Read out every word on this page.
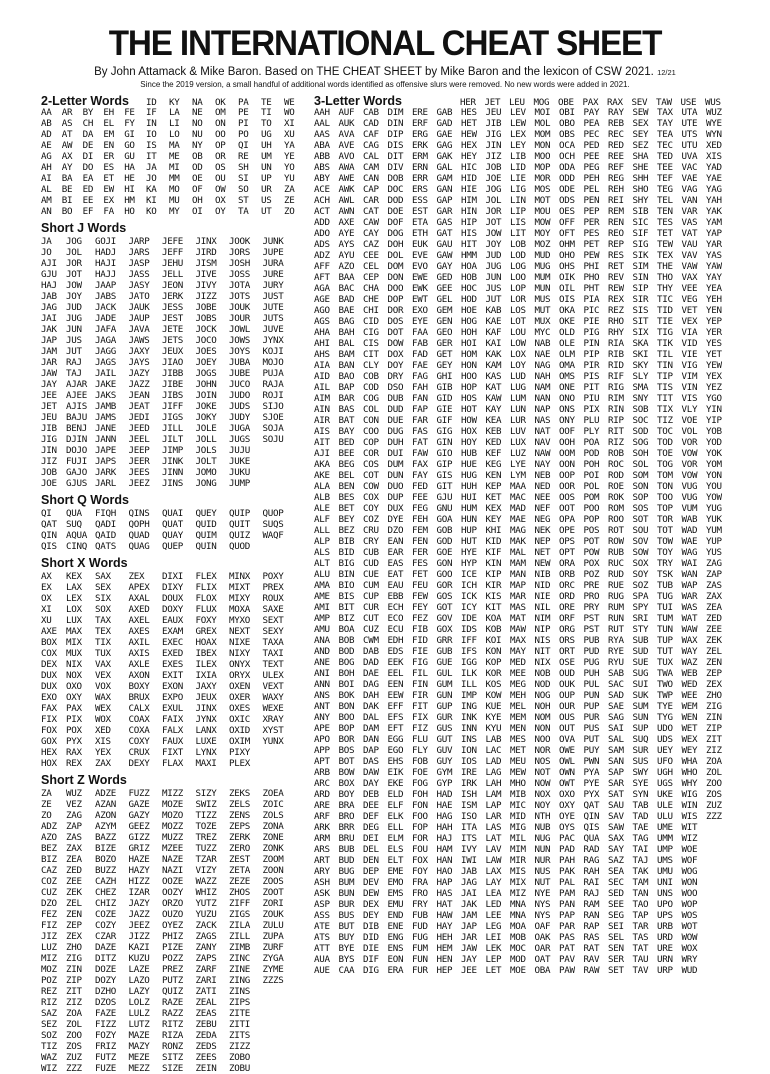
THE INTERNATIONAL CHEAT SHEET
By John Attamack & Mike Baron. Based on THE CHEAT SHEET by Mike Baron and the lexicon of CSW 2021. 12/21
Since the 2019 version, a small handful of additional words identified as offensive slurs were removed. No new words were added in 2021.
2-Letter Words	ID	KY	NA	OK	PA	TE	WE
AA	AR	BY	EH	FE	IF	LA	NE	OM	PE	TI	WO
AB	AS	CH	EL	FY	IN	LI	NO	ON	PI	TO	XI
AD	AT	DA	EM	GI	IO	LO	NU	OO	PO	UG	XU
AE	AW	DE	EN	GO	IS	MA	NY	OP	QI	UH	YA
AG	AX	DI	ER	GU	IT	ME	OB	OR	RE	UM	YE
AH	AY	DO	ES	HA	JA	MI	OD	OS	SH	UN	YO
AI	BA	EA	ET	HE	JO	MM	OE	OU	SI	UP	YU
AL	BE	ED	EW	HI	KA	MO	OF	OW	SO	UR	ZA
AM	BI	EE	EX	HM	KI	MU	OH	OX	ST	US	ZE
AN	BO	EF	FA	HO	KO	MY	OI	OY	TA	UT	ZO
Short J Words
JA	JOG	GOJI	JARP	JEFE	JINX	JOOK	JUNK
JO	JOL	HADJ	JARS	JEFF	JIRD	JORS	JUPE
AJI	JOR	HAJI	JASP	JEHU	JISM	JOSH	JURA
GJU	JOT	HAJJ	JASS	JELL	JIVE	JOSS	JURE
HAJ	JOW	JAAP	JASY	JEON	JIVY	JOTA	JURY
JAB	JOY	JABS	JATO	JERK	JIZZ	JOTS	JUST
JAG	JUD	JACK	JAUK	JESS	JOBE	JOUK	JUTE
JAI	JUG	JADE	JAUP	JEST	JOBS	JOUR	JUTS
JAK	JUN	JAFA	JAVA	JETE	JOCK	JOWL	JUVE
JAP	JUS	JAGA	JAWS	JETS	JOCO	JOWS	JYNX
JAM	JUT	JAGG	JAXY	JEUX	JOES	JOYS	KOJI
JAR	RAJ	JAGS	JAYS	JIAO	JOEY	JUBA	MOJO
JAW	TAJ	JAIL	JAZY	JIBB	JOGS	JUBE	PUJA
JAY	AJAR JAKE	JAZZ	JIBE	JOHN	JUCO	RAJA
JEE	AJEE JAKS	JEAN	JIBS	JOIN	JUDO	ROJI
JET	AJIS JAMB	JEAT	JIFF	JOKE	JUDS	SIJO
JEU	BAJU JAMS	JEDI	JIGS	JOKY	JUDY	SJOE
JIB	BENJ JANE	JEED	JILL	JOLE	JUGA	SOJA
JIG	DJIN JANN	JEEL	JILT	JOLL	JUGS	SOJU
JIN	DOJO JAPE	JEEP	JIMP	JOLS	JUJU
JIZ	FUJI JAPS	JEER	JINK	JOLT	JUKE
JOB	GAJO JARK	JEES	JINN	JOMO	JUKU
JOE	GJUS JARL	JEEZ	JINS	JONG	JUMP
Short Q Words
QI	QUA	FIQH	QINS	QUAI	QUEY	QUIP	QUOP
QAT	SUQ	QADI	QOPH	QUAT	QUID	QUIT	SUQS
QIN	AQUA QAID	QUAD	QUAY	QUIM	QUIZ	WAQF
QIS	CINQ QATS	QUAG	QUEP	QUIN	QUOD
Short X Words
AX	KEX	SAX	ZEX	DIXI	FLEX	MINX	POXY
EX	LAX	SEX	APEX	DIXY	FLIX	MIXT	PREX
OX	LEX	SIX	AXAL	DOUX	FLOX	MIXY	ROUX
XI	LOX	SOX	AXED	DOXY	FLUX	MOXA	SAXE
XU	LUX	TAX	AXEL	EAUX	FOXY	MYXO	SEXT
AXE	MAX	TEX	AXES	EXAM	GREX	NEXT	SEXY
BOX	MIX	TIX	AXIL	EXEC	HOAX	NIXE	TAXA
COX	MUX	TUX	AXIS	EXED	IBEX	NIXY	TAXI
DEX	NIX	VAX	AXLE	EXES	ILEX	ONYX	TEXT
DUX	NOX	VEX	AXON	EXIT	IXIA	ORYX	ULEX
DUX	OXO	VOX	BOXY	EXON	JAXY	OXEN	VEXT
EXO	OXY	WAX	BRUX	EXPO	JEUX	OXER	WAXY
FAX	PAX	WEX	CALX	EXUL	JINX	OXES	WEXE
FIX	PIX	WOX	COAX	FAIX	JYNX	OXIC	XRAY
FOX	POX	XED	COXA	FALX	LANX	OXID	XYST
GOX	PYX	XIS	COXY	FAUX	LUXE	OXIM	YUNX
HEX	RAX	YEX	CRUX	FIXT	LYNX	PIXY
HOX	REX	ZAX	DEXY	FLAX	MAXI	PLEX
Short Z Words
ZA	WUZ	ADZE	FUZZ	MIZZ	SIZY	ZEKS	ZOEA
ZE	VEZ	AZAN	GAZE	MOZE	SWIZ	ZELS	ZOIC
ZO	ZAG	AZON	GAZY	MOZO	TIZZ	ZENS	ZOLS
ADZ	ZAP	AZYM	GEEZ	MOZZ	TOZE	ZEPS	ZONA
AZO	ZAS	BAZZ	GIZZ	MUZZ	TREZ	ZERK	ZONE
BEZ	ZAX	BIZE	GRIZ	MZEE	TUZZ	ZERO	ZONK
BIZ	ZEA	BOZO	HAZE	NAZE	TZAR	ZEST	ZOOM
CAZ	ZED	BUZZ	HAZY	NAZI	VIZY	ZETA	ZOON
COZ	ZEE	CAZH	HIZZ	OOZE	WAZZ	ZEZE	ZOOS
CUZ	ZEK	CHEZ	IZAR	OOZY	WHIZ	ZHOS	ZOOT
DZO	ZEL	CHIZ	JAZY	ORZO	YUTZ	ZIFF	ZORI
FEZ	ZEN	COZE	JAZZ	OUZO	YUZU	ZIGS	ZOUK
FIZ	ZEP	COZY	JEEZ	OYEZ	ZACK	ZILA	ZULU
JIZ	ZEX	CZAR	JIZZ	PHIZ	ZAGS	ZILL	ZUPA
LUZ	ZHO	DAZE	KAZI	PIZE	ZANY	ZIMB	ZURF
MIZ	ZIG	DITZ	KUZU	POZZ	ZAPS	ZINC	ZYGA
MOZ	ZIN	DOZE	LAZE	PREZ	ZARF	ZINE	ZYME
POZ	ZIP	DOZY	LAZO	PUTZ	ZARI	ZING	ZZZS
REZ	ZIT	DZHO	LAZY	QUIZ	ZATI	ZINS
RIZ	ZIZ	DZOS	LOLZ	RAZE	ZEAL	ZIPS
SAZ	ZOA	FAZE	LULZ	RAZZ	ZEAS	ZITE
SEZ	ZOL	FIZZ	LUTZ	RITZ	ZEBU	ZITI
SOZ	ZOO	FOZY	MAZE	RIZA	ZEDA	ZITS
TIZ	ZOS	FRIZ	MAZY	RONZ	ZEDS	ZIZZ
WAZ	ZUZ	FUTZ	MEZE	SITZ	ZEES	ZOBO
WIZ	ZZZ	FUZE	MEZZ	SIZE	ZEIN	ZOBU
3-Letter Words	HER JET LEU MOG OBE PAX RAX SEV TAW USE WUS
AAH AUF CAB DIM ERE GAB HES JEU LEV MOI OBI PAY RAY SEW TAX UTA WUZ
AAL AUK CAD DIN ERF GAD HET JIB LEW MOL OBO PEA REB SEX TAY UTE WYE
AAS AVA CAF DIP ERG GAE HEW JIG LEX MOM OBS PEC REC SEY TEA UTS WYN
ABA AVE CAG DIS ERK GAG HEX JIN LEY MON OCA PED RED SEZ TEC UTU XED
ABB AVO CAL DIT ERM GAK HEY JIZ LIB MOO OCH PEE REE SHA TED UVA XIS
ABS AWA CAM DIV ERN GAL HIC JOB LID MOP ODA PEG REF SHE TEE VAC YAD
ABY AWE CAN DOB ERR GAM HID JOE LIE MOR ODD PEH REG SHH TEF VAE YAE
ACE AWK CAP DOC ERS GAN HIE JOG LIG MOS ODE PEL REH SHO TEG VAG YAG
ACH AWL CAR DOD ESS GAP HIM JOL LIN MOT ODS PEN REI SHY TEL VAN YAH
ACT AWN CAT DOE EST GAR HIN JOR LIP MOU OES PEP REM SIB TEN VAR YAK
ADD AXE CAW DOF ETA GAS HIP JOT LIS MOW OFF PER REN SIC TES VAS YAM
ADO AYE CAY DOG ETH GAT HIS JOW LIT MOY OFT PES REO SIF TET VAT YAP
ADS AYS CAZ DOH EUK GAU HIT JOY LOB MOZ OHM PET REP SIG TEW VAU YAR
ADZ AYU CEE DOL EVE GAW HMM JUD LOD MUD OHO PEW RES SIK TEX VAV YAS
AFF AZO CEL DOM EVO GAY HOA JUG LOG MUG OHS PHI RET SIM THE VAW YAW
AFT BAA CEP DON EWE GED HOB JUN LOO MUM OIK PHO REV SIN THO VAX YAY
AGA BAC CHA DOO EWK GEE HOC JUS LOP MUN OIL PHT REW SIP THY VEE YEA
AGE BAD CHE DOP EWT GEL HOD JUT LOR MUS OIS PIA REX SIR TIC VEG YEH
AGO BAE CHI DOR EXO GEM HOE KAB LOS MUT OKA PIC REZ SIS TID VET YEN
AGS BAG CID DOS EYE GEN HOG KAE LOT MUX OKE PIE RHO SIT TIE VEX YEP
AHA BAH CIG DOT FAA GEO HOH KAF LOU MYC OLD PIG RHY SIX TIG VIA YER
AHI BAL CIS DOW FAB GER HOI KAI LOW NAB OLE PIN RIA SKA TIK VID YES
AHS BAM CIT DOX FAD GET HOM KAK LOX NAE OLM PIP RIB SKI TIL VIE YET
AIA BAN CLY DOY FAE GEY HON KAM LOY NAG OMA PIR RID SKY TIN VIG YEW
AID BAO COB DRY FAG GHI HOO KAS LUD NAH OMS PIS RIF SLY TIP VIM YEX
AIL BAP COD DSO FAH GIB HOP KAT LUG NAM ONE PIT RIG SMA TIS VIN YEZ
AIM BAR COG DUB FAN GID HOS KAW LUM NAN ONO PIU RIM SNY TIT VIS YGO
AIN BAS COL DUD FAP GIE HOT KAY LUN NAP ONS PIX RIN SOB TIX VLY YIN
AIR BAT CON DUE FAR GIF HOW KEA LUR NAS ONY PLU RIP SOC TIZ VOE YIP
AIS BAY COO DUG FAS GIG HOX KEB LUV NAT OOF PLY RIT SOD TOC VOL YOB
AIT BED COP DUH FAT GIN HOY KED LUX NAV OOH POA RIZ SOG TOD VOR YOD
AJI BEE COR DUI FAW GIO HUB KEF LUZ NAW OOM POD ROB SOH TOE VOW YOK
AKA BEG COS DUM FAX GIP HUE KEG LYE NAY OON POH ROC SOL TOG VOR YOM
AKE BEL COT DUN FAY GIS HUG KEN LYM NEB OOP POI ROD SOM TOM VOW YON
ALA BEN COW DUO FED GIT HUH KEP MAA NED OOR POL ROE SON TON VUG YOU
ALB BES COX DUP FEE GJU HUI KET MAC NEE OOS POM ROK SOP TOO VUG YOW
ALE BET COY DUX FEG GNU HUM KEX MAD NEF OOT POO ROM SOS TOP VUM YUG
ALF BEY COZ DYE FEH GOA HUN KEY MAE NEG OPA POP ROO SOT TOR WAB YUK
ALL BEZ CRU DZO FEM GOB HUP KHI MAG NEK OPE POS ROT SOU TOT WAD YUM
ALP BIB CRY EAN FEN GOD HUT KID MAK NEP OPS POT ROW SOV TOW WAE YUP
ALS BID CUB EAR FER GOE HYE KIF MAL NET OPT POW RUB SOW TOY WAG YUS
ALT BIG CUD EAS FES GON HYP KIN MAM NEW ORA POX RUC SOX TRY WAI ZAG
ALU BIN CUE EAT FET GOO ICE KIP MAN NIB ORB POZ RUD SOY TSK WAN ZAP
AMA BIO CUM EAU FEU GOR ICH KIR MAP NID ORC PRE RUE SOZ TUB WAP ZAS
AME BIS CUP EBB FEW GOS ICK KIS MAR NIE ORD PRO RUG SPA TUG WAR ZAX
AMI BIT CUR ECH FEY GOT ICY KIT MAS NIL ORE PRY RUM SPY TUI WAS ZEA
AMP BIZ CUT ECO FEZ GOV IDE KOA MAT NIM ORF PST RUN SRI TUM WAT ZED
AMU BOA CUZ ECU FIB GOX IDS KOB MAW NIP ORG PST RUT STY TUN WAW ZEE
ANA BOB CWM EDH FID GRR IFF KOI MAX NIS ORS PUB RYA SUB TUP WAX ZEK
AND BOD DAB EDS FIE GUB IFS KON MAY NIT ORT PUD RYE SUD TUT WAY ZEL
ANE BOG DAD EEK FIG GUE IGG KOP MED NIX OSE PUG RYU SUE TUX WAZ ZEN
ANI BOH DAE EEL FIL GUL ILK KOR MEE NOB OUD PUH SAB SUG TWA WEB ZEP
ANN BOI DAG EEN FIN GUM ILL KOS MEG NOD OUK PUL SAC SUI TWO WED ZEX
ANS BOK DAH EEW FIR GUN IMP KOW MEH NOG OUP PUN SAD SUK TWP WEE ZHO
ANT BON DAK EFF FIT GUP ING KUE MEL NOH OUR PUP SAE SUM TYE WEM ZIG
ANY BOO DAL EFS FIX GUR INK KYE MEM NOM OUS PUR SAG SUN TYG WEN ZIN
APE BOP DAM EFT FIZ GUS INN KYU MEN NON OUT PUS SAI SUP UDO WET ZIP
APO BOR DAN EGG FLU GUT INS LAB MES NOO OVA PUT SAL SUQ UDS WEX ZIT
APP BOS DAP EGO FLY GUV ION LAC MET NOR OWE PUY SAM SUR UEY WEY ZIZ
APT BOT DAS EHS FOB GUY IOS LAD MEU NOS OWL PWN SAN SUS UFO WHA ZOA
ARB BOW DAW EIK FOE GYM IRE LAG MEW NOT OWN PYA SAP SWY UGH WHO ZOL
ARC BOX DAY EKE FOG GYP IRK LAH MHO NOW OWT PYE SAR SYE UGS WHY ZOO
ARD BOY DEB ELD FOH HAD ISH LAM MIB NOX OXO PYX SAT SYN UKE WIG ZOS
ARE BRA DEE ELF FON HAE ISM LAP MIC NOY OXY QAT SAU TAB ULE WIN ZUZ
ARF BRO DEF ELK FOO HAG ISO LAR MID NTH OYE QIN SAV TAD ULU WIS ZZZ
ARK BRR DEG ELL FOP HAH ITA LAS MIG NUB OYS QIS SAW TAE UME WIT
ARM BRU DEI ELM FOR HAJ ITS LAT MIL NUG PAC QUA SAX TAG UMM WIZ
ARS BUB DEL ELS FOU HAM IVY LAV MIM NUN PAD RAD SAY TAI UMP WOE
ART BUD DEN ELT FOX HAN IWI LAW MIR NUR PAH RAG SAZ TAJ UMS WOF
ARY BUG DEP EME FOY HAO JAB LAX MIS NUS PAK RAH SEA TAK UMU WOG
ASH BUM DEV EMO FRA HAP JAG LAY MIX NUT PAL RAI SEC TAM UNI WON
ASK BUN DEW EMS FRO HAS JAI LEA MIZ NYE PAM RAJ SED TAN UNS WOO
ASP BUR DEX EMU FRY HAT JAK LED MNA NYS PAN RAM SEE TAO UPO WOP
ASS BUS DEY END FUB HAW JAM LEE MNA NYS PAP RAN SEG TAP UPS WOS
ATE BUT DIB ENE FUD HAY JAP LEG MOA OAF PAR RAP SEI TAR URB WOT
ATS BUY DID ENG FUG HEH JAR LEI MOB OAK PAS RAS SEL TAS URD WOW
ATT BYE DIE ENS FUM HEM JAW LEK MOC OAR PAT RAT SEN TAT URE WOX
AUA BYS DIF EON FUN HEN JAY LEP MOD OAT PAV RAV SER TAU URN WRY
AUE CAA DIG ERA FUR HEP JEE LET MOE OBA PAW RAW SET TAV URP WUD
